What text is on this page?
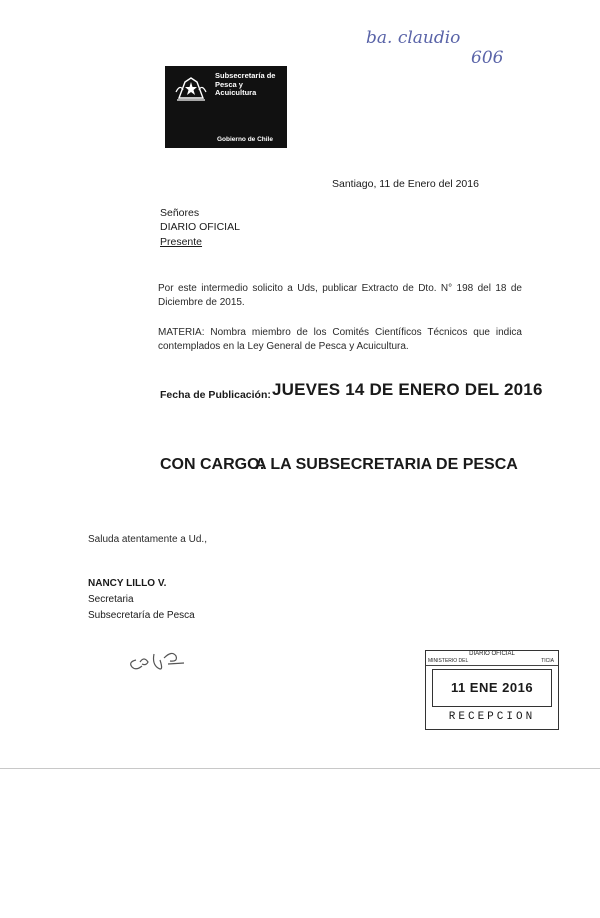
ba. claudio
606
Subsecretaría de Pesca y Acuicultura
Gobierno de Chile
Santiago, 11 de Enero del 2016
Señores
DIARIO OFICIAL
Presente
Por este intermedio solicito a Uds, publicar Extracto de Dto. N° 198 del 18 de Diciembre de 2015.
MATERIA: Nombra miembro de los Comités Científicos Técnicos que indica contemplados en la Ley General de Pesca y Acuicultura.
Fecha de Publicación: JUEVES 14 DE ENERO DEL 2016
CON CARGO:
A LA SUBSECRETARIA DE PESCA
Saluda atentamente a Ud.,
NANCY LILLO V.
Secretaria
Subsecretaría de Pesca
DIARIO OFICIAL
MINISTERIO DEL	TICIA
11 ENE 2016
RECEPCION
